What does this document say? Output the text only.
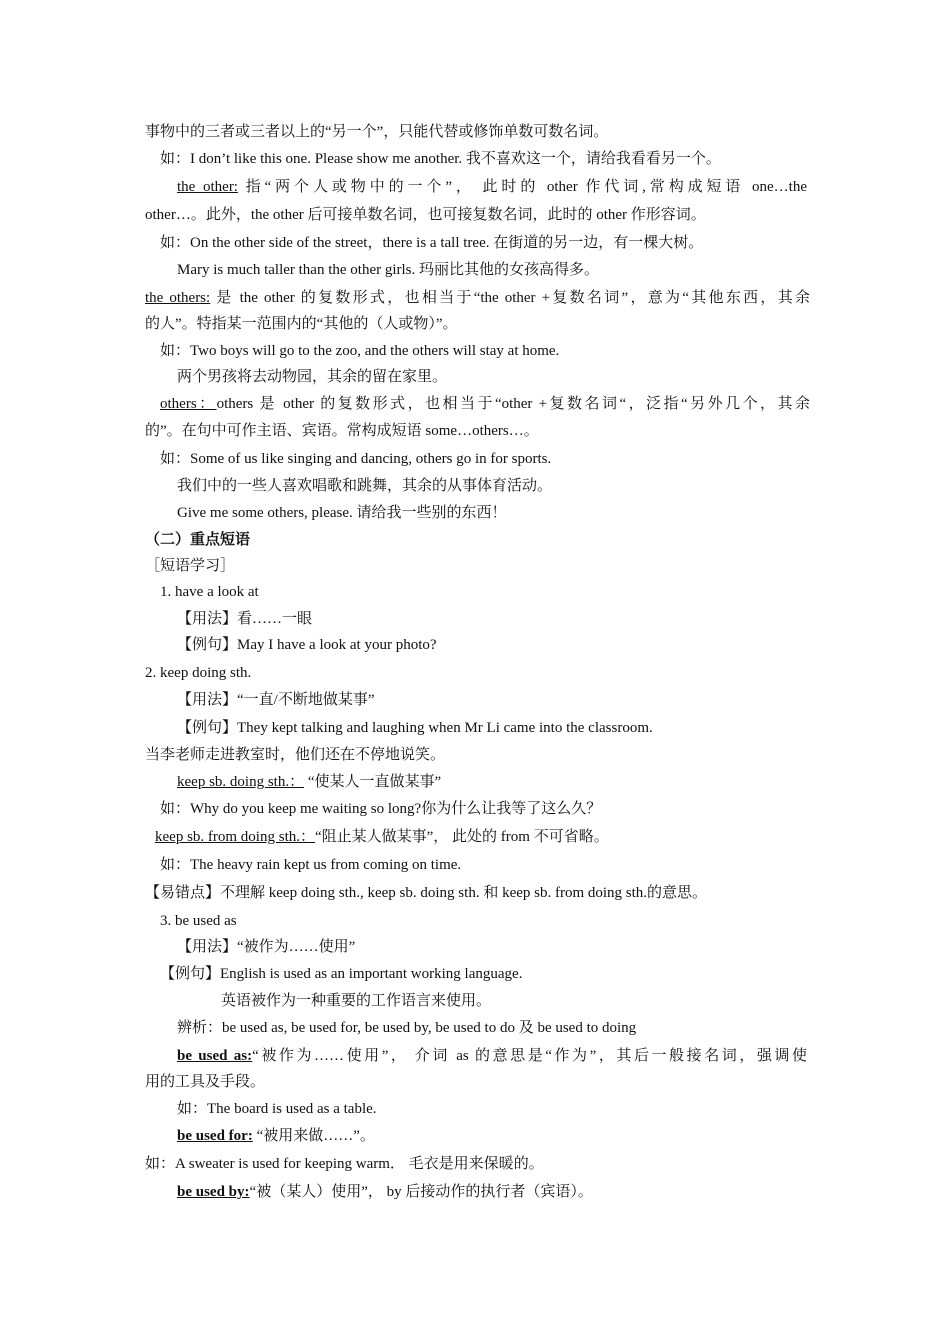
事物中的三者或三者以上的“另一个”，只能代替或修饰单数可数名词。
如：I don’t like this one. Please show me another. 我不喜欢这一个，请给我看看另一个。
the other: 指“两个人或物中的一个”， 此时的 other 作代词,常构成短语 one…the
other…。此外，the other 后可接单数名词，也可接复数名词，此时的 other 作形容词。
如：On the other side of the street，there is a tall tree. 在街道的另一边，有一棵大树。
Mary is much taller than the other girls. 玛丽比其他的女孩高得多。
the others: 是 the other 的复数形式，也相当于“the other +复数名词”，意为“其他东西，其余
的人”。特指某一范围内的“其他的（人或物）”。
如：Two boys will go to the zoo, and the others will stay at home.
两个男孩将去动物园，其余的留在家里。
others：others 是 other 的复数形式，也相当于“other +复数名词“，泛指“另外几个，其余
的”。在句中可作主语、宾语。常构成短语 some…others…。
如：Some of us like singing and dancing, others go in for sports.
我们中的一些人喜欢唱歌和跳舞，其余的从事体育活动。
Give me some others, please. 请给我一些别的东西！
（二）重点短语
［短语学习］
1. have a look at
【用法】看……一眼
【例句】May I have a look at your photo?
2. keep doing sth.
【用法】“一直/不断地做某事”
【例句】They kept talking and laughing when Mr Li came into the classroom.
当李老师走进教室时，他们还在不停地说笑。
keep sb. doing sth.： “使某人一直做某事”
如：Why do you keep me waiting so long?你为什么让我等了这么久？
keep sb. from doing sth.：“阻止某人做某事”， 此处的 from 不可省略。
如：The heavy rain kept us from coming on time.
【易错点】不理解 keep doing sth., keep sb. doing sth. 和 keep sb. from doing sth.的意思。
3. be used as
【用法】“被作为……使用”
【例句】English is used as an important working language.
英语被作为一种重要的工作语言来使用。
辨析：be used as, be used for, be used by, be used to do 及 be used to doing
be used as:“被作为……使用”， 介词 as 的意思是“作为”，其后一般接名词，强调使
用的工具及手段。
如：The board is used as a table.
be used for: “被用来做……”。
如：A sweater is used for keeping warm． 毛衣是用来保暖的。
be used by:“被（某人）使用”， by 后接动作的执行者（宾语）。
